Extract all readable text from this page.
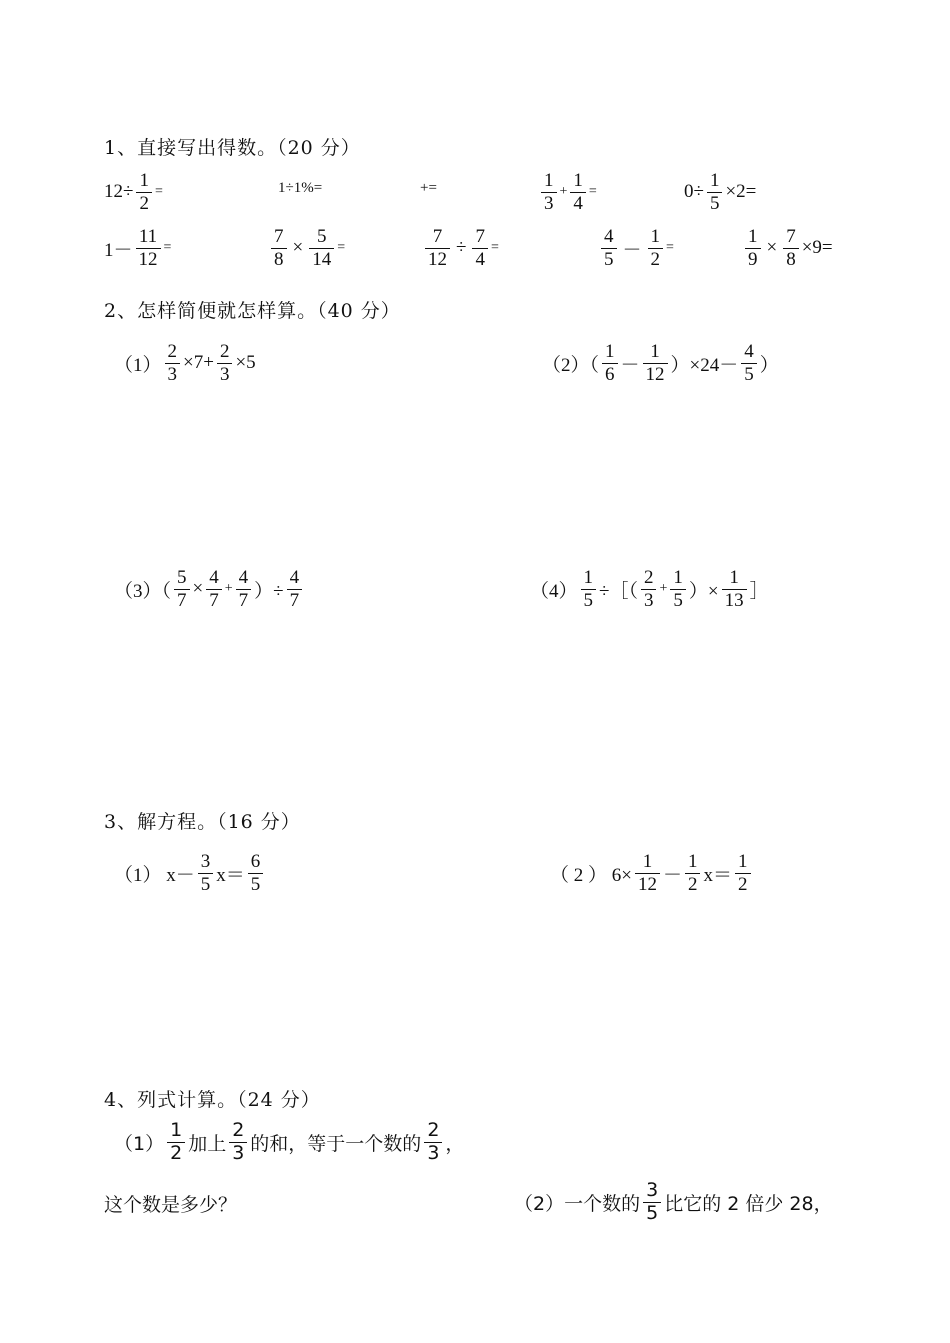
1、直接写出得数。（20 分）
$12\div \frac{1}{2}$ =	1÷1%=	+=	$\frac{1}{3} + \frac{1}{4}$ =	$0\div \frac{1}{5} \times 2=$
$1- \frac{11}{12}$ =	$\frac{7}{8} \times \frac{5}{14}$ =	$\frac{7}{12} \div \frac{7}{4}$ =	$\frac{4}{5} - \frac{1}{2}$ =	$\frac{1}{9} \times \frac{7}{8} \times 9=$
2、怎样简便就怎样算。（40 分）
$(1) \frac{2}{3} \times 7+ \frac{2}{3} \times 5$	$(2)( \frac{1}{6} - \frac{1}{12} )\times 24- \frac{4}{5}$ ）
$(3)( \frac{5}{7} \times \frac{4}{7} + \frac{4}{7}$ ）÷ $\frac{4}{7}$	$(4) \frac{1}{5}$ ÷［（ $\frac{2}{3} + \frac{1}{5}$ ）× $\frac{1}{13}$ ］
3、解方程。（16 分）
（1） $x- \frac{3}{5} x= \frac{6}{5}$	（ 2 ） $6\times \frac{1}{12} - \frac{1}{2} x= \frac{1}{2}$
4、列式计算。（24 分）
$(1) \frac{1}{2}$ 加上 $\frac{2}{3}$ 的和，等于一个数的 $\frac{2}{3}$ ，
这个数是多少？	（2）一个数的 $\frac{3}{5}$ 比它的 2 倍少 28，
